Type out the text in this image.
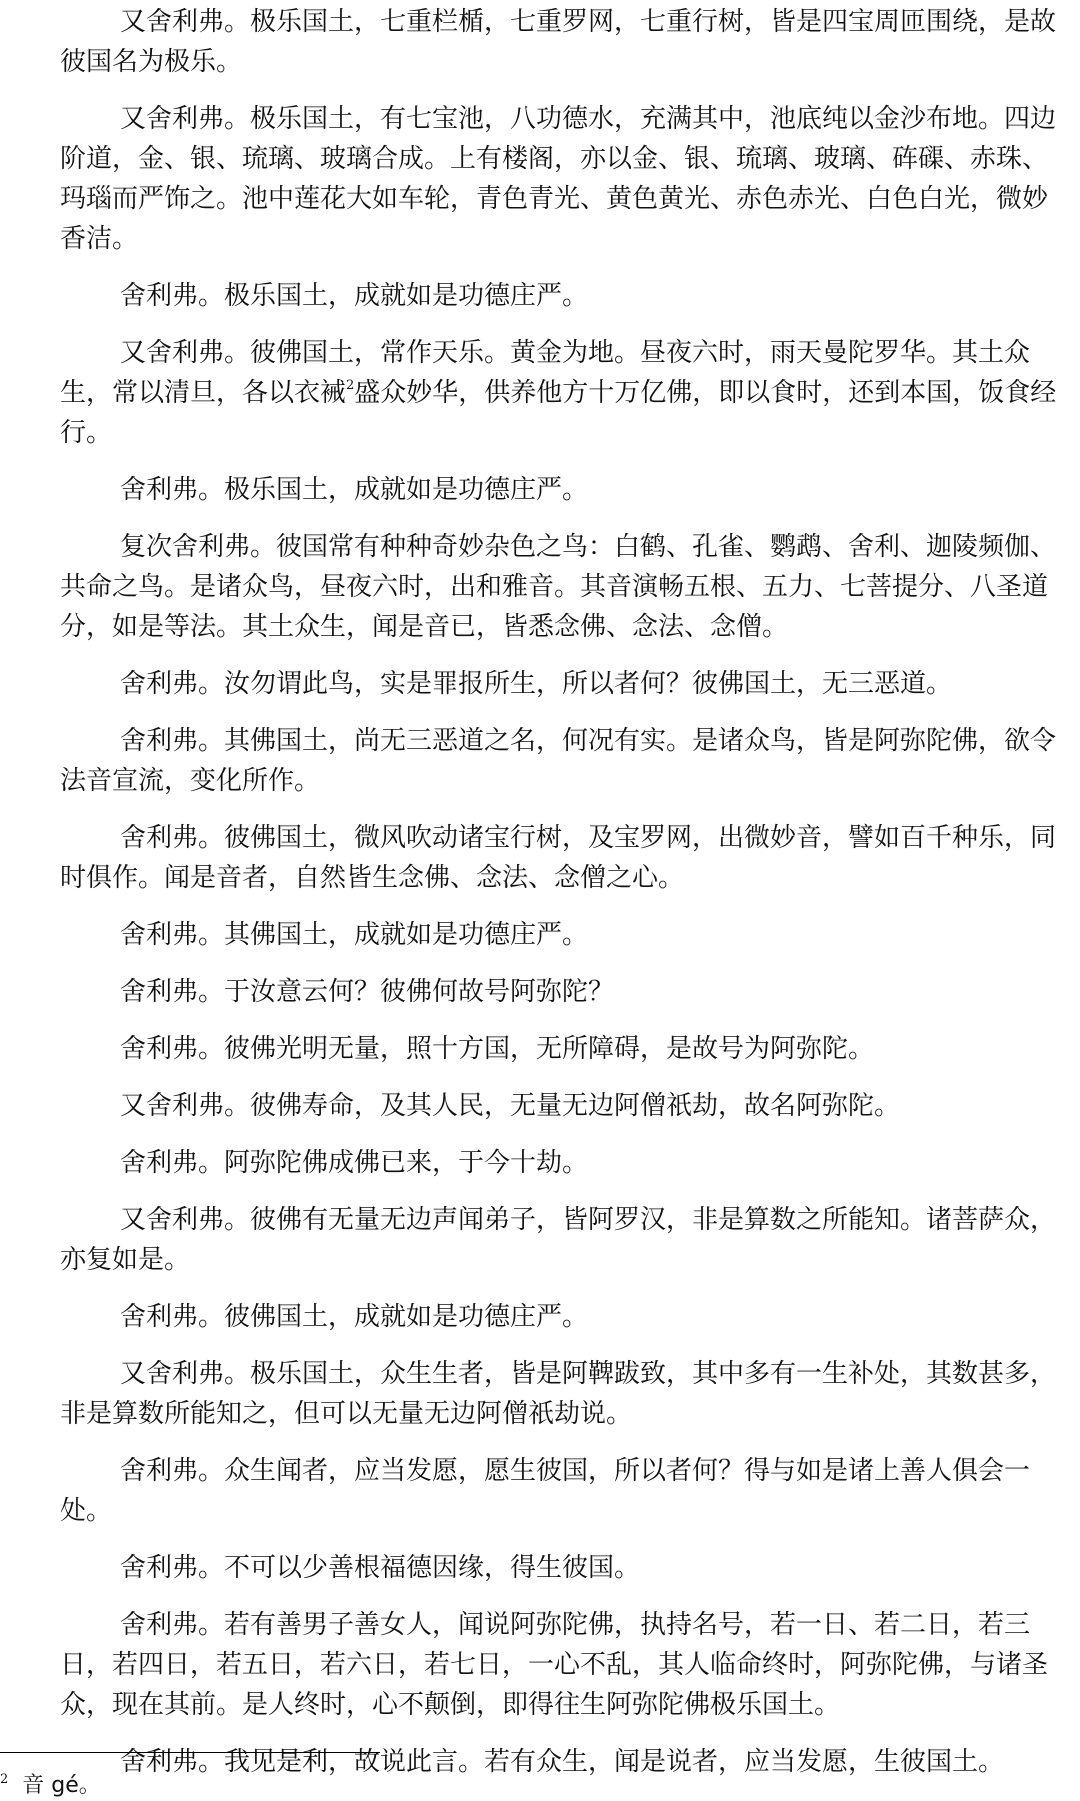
又舍利弗。极乐国土，七重栏楯，七重罗网，七重行树，皆是四宝周匝围绕，是故彼国名为极乐。

又舍利弗。极乐国土，有七宝池，八功德水，充满其中，池底纯以金沙布地。四边阶道，金、银、琉璃、玻璃合成。上有楼阁，亦以金、银、琉璃、玻璃、砗磲、赤珠、玛瑙而严饰之。池中莲花大如车轮，青色青光、黄色黄光、赤色赤光、白色白光，微妙香洁。

舍利弗。极乐国土，成就如是功德庄严。

又舍利弗。彼佛国土，常作天乐。黄金为地。昼夜六时，雨天曼陀罗华。其土众生，常以清旦，各以衣裓$^2$盛众妙华，供养他方十万亿佛，即以食时，还到本国，饭食经行。

舍利弗。极乐国土，成就如是功德庄严。

复次舍利弗。彼国常有种种奇妙杂色之鸟：白鹤、孔雀、鹦鹉、舍利、迦陵频伽、共命之鸟。是诸众鸟，昼夜六时，出和雅音。其音演畅五根、五力、七菩提分、八圣道分，如是等法。其土众生，闻是音已，皆悉念佛、念法、念僧。

舍利弗。汝勿谓此鸟，实是罪报所生，所以者何？彼佛国土，无三恶道。

舍利弗。其佛国土，尚无三恶道之名，何况有实。是诸众鸟，皆是阿弥陀佛，欲令法音宣流，变化所作。

舍利弗。彼佛国土，微风吹动诸宝行树，及宝罗网，出微妙音，譬如百千种乐，同时俱作。闻是音者，自然皆生念佛、念法、念僧之心。

舍利弗。其佛国土，成就如是功德庄严。

舍利弗。于汝意云何？彼佛何故号阿弥陀？

舍利弗。彼佛光明无量，照十方国，无所障碍，是故号为阿弥陀。

又舍利弗。彼佛寿命，及其人民，无量无边阿僧祇劫，故名阿弥陀。

舍利弗。阿弥陀佛成佛已来，于今十劫。

又舍利弗。彼佛有无量无边声闻弟子，皆阿罗汉，非是算数之所能知。诸菩萨众，亦复如是。

舍利弗。彼佛国土，成就如是功德庄严。

又舍利弗。极乐国土，众生生者，皆是阿鞞跋致，其中多有一生补处，其数甚多，非是算数所能知之，但可以无量无边阿僧祇劫说。

舍利弗。众生闻者，应当发愿，愿生彼国，所以者何？得与如是诸上善人俱会一处。

舍利弗。不可以少善根福德因缘，得生彼国。

舍利弗。若有善男子善女人，闻说阿弥陀佛，执持名号，若一日、若二日，若三日，若四日，若五日，若六日，若七日，一心不乱，其人临命终时，阿弥陀佛，与诸圣众，现在其前。是人终时，心不颠倒，即得往生阿弥陀佛极乐国土。

舍利弗。我见是利，故说此言。若有众生，闻是说者，应当发愿，生彼国土。

$^2$ 音 gé。
